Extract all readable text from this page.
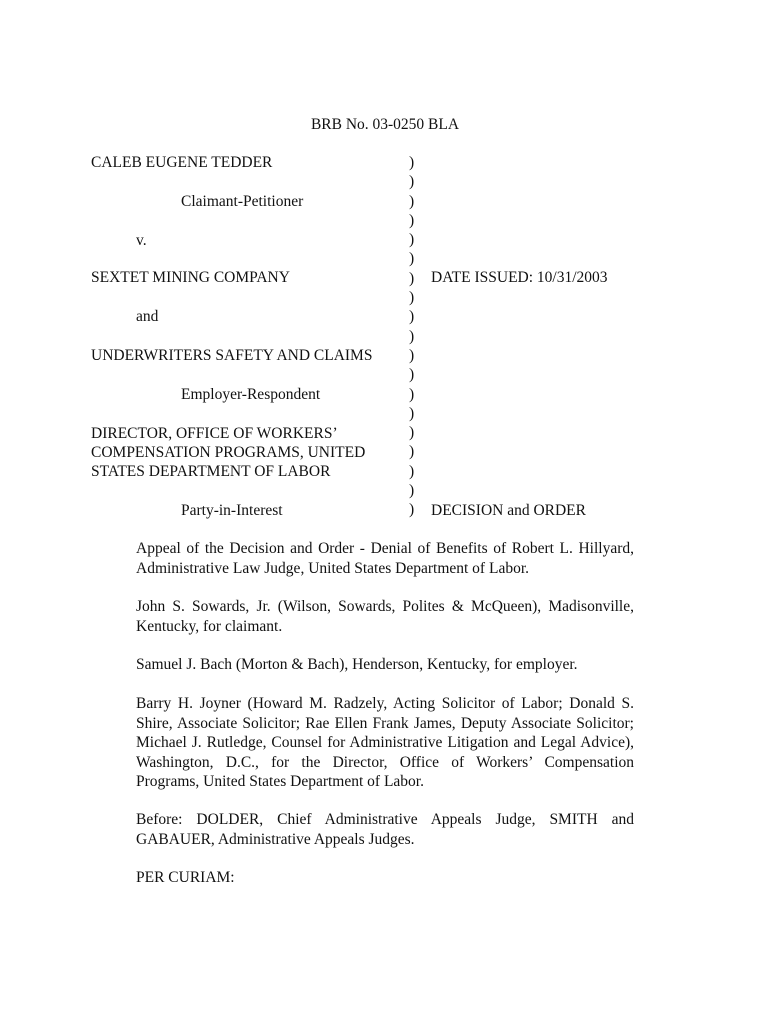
BRB No. 03-0250 BLA
CALEB EUGENE TEDDER
Claimant-Petitioner
v.
SEXTET MINING COMPANY
and
UNDERWRITERS SAFETY AND CLAIMS
Employer-Respondent
DIRECTOR, OFFICE OF WORKERS’
COMPENSATION PROGRAMS, UNITED
STATES DEPARTMENT OF LABOR
Party-in-Interest
)
)
)
)
)
)
)
)
)
)
)
)
)
)
)
)
)
)
)
DATE ISSUED: 10/31/2003
DECISION and ORDER
Appeal of the Decision and Order - Denial of Benefits of Robert L. Hillyard, Administrative Law Judge, United States Department of Labor.
John S. Sowards, Jr. (Wilson, Sowards, Polites & McQueen), Madisonville, Kentucky, for claimant.
Samuel J. Bach (Morton & Bach), Henderson, Kentucky, for employer.
Barry H. Joyner (Howard M. Radzely, Acting Solicitor of Labor; Donald S. Shire, Associate Solicitor; Rae Ellen Frank James, Deputy Associate Solicitor; Michael J. Rutledge, Counsel for Administrative Litigation and Legal Advice), Washington, D.C., for the Director, Office of Workers’ Compensation Programs, United States Department of Labor.
Before: DOLDER, Chief Administrative Appeals Judge, SMITH and GABAUER, Administrative Appeals Judges.
PER CURIAM:
